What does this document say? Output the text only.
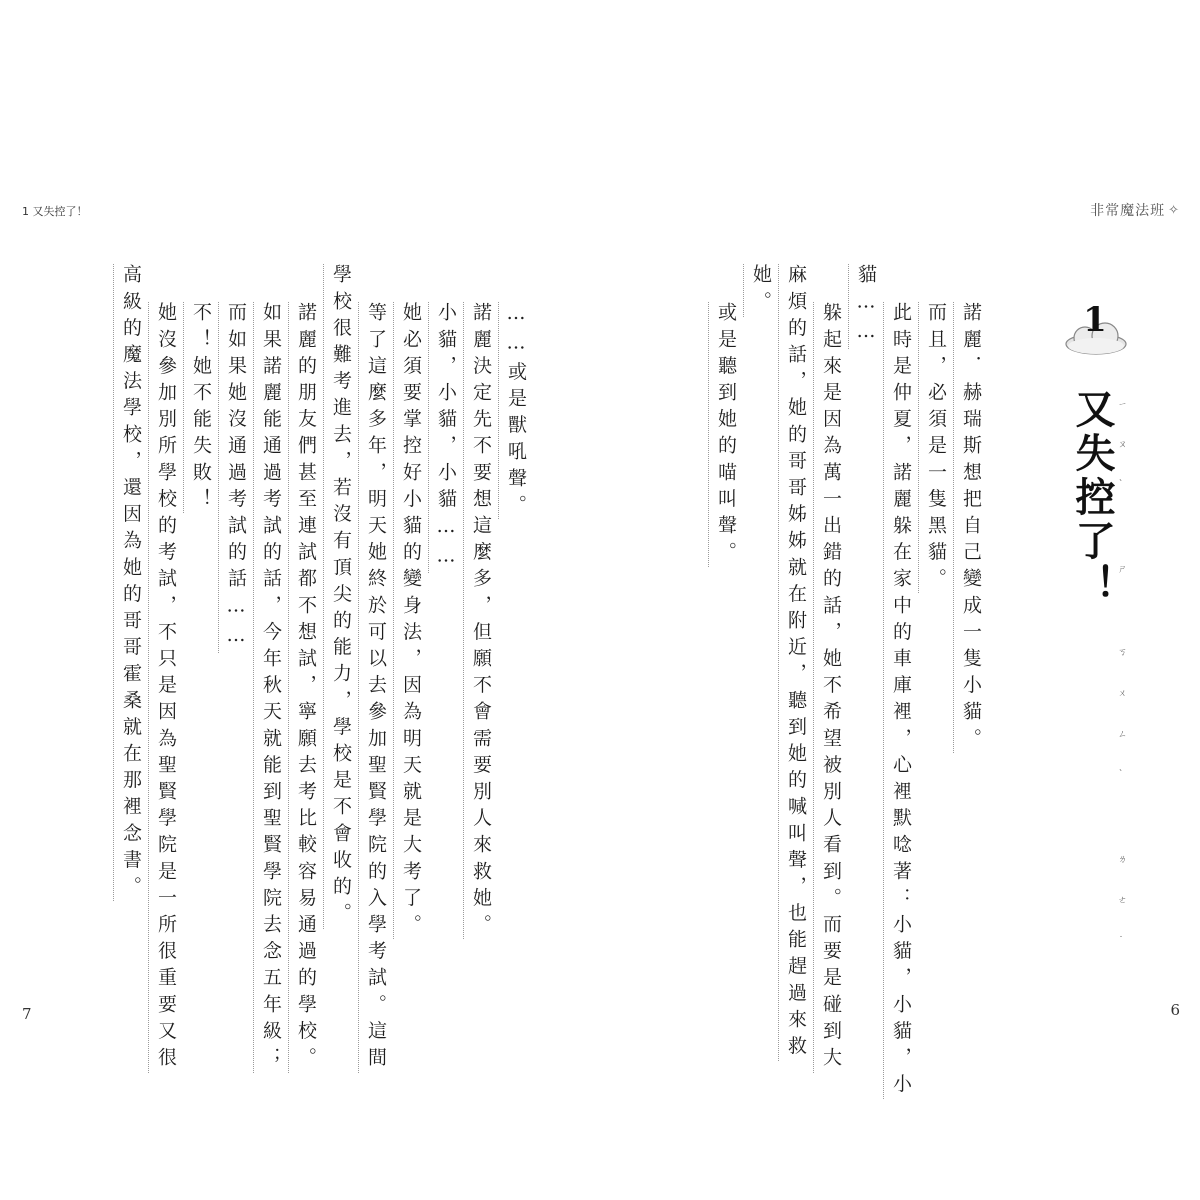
1 又失控了！	非常魔法班 ✧
1
又失控了！ ㄧㄡˋ ㄕ ㄎㄨㄥˋ ㄌㄜ˙
諾麗．赫瑞斯想把自己變成一隻小貓。
而且，必須是一隻黑貓。
此時是仲夏，諾麗躲在家中的車庫裡，心裡默唸著：小貓，小貓，小
貓……
躲起來是因為萬一出錯的話，她不希望被別人看到。而要是碰到大
麻煩的話，她的哥哥姊姊就在附近，聽到她的喊叫聲，也能趕過來救
她。
或是聽到她的喵叫聲。
……或是獸吼聲。
諾麗決定先不要想這麼多，但願不會需要別人來救她。
小貓，小貓，小貓……
她必須要掌控好小貓的變身法，因為明天就是大考了。
等了這麼多年，明天她終於可以去參加聖賢學院的入學考試。這間
學校很難考進去，若沒有頂尖的能力，學校是不會收的。
諾麗的朋友們甚至連試都不想試，寧願去考比較容易通過的學校。
如果諾麗能通過考試的話，今年秋天就能到聖賢學院去念五年級；
而如果她沒通過考試的話……
不！她不能失敗！
她沒參加別所學校的考試，不只是因為聖賢學院是一所很重要又很
高級的魔法學校，還因為她的哥哥霍桑就在那裡念書。
7	6
